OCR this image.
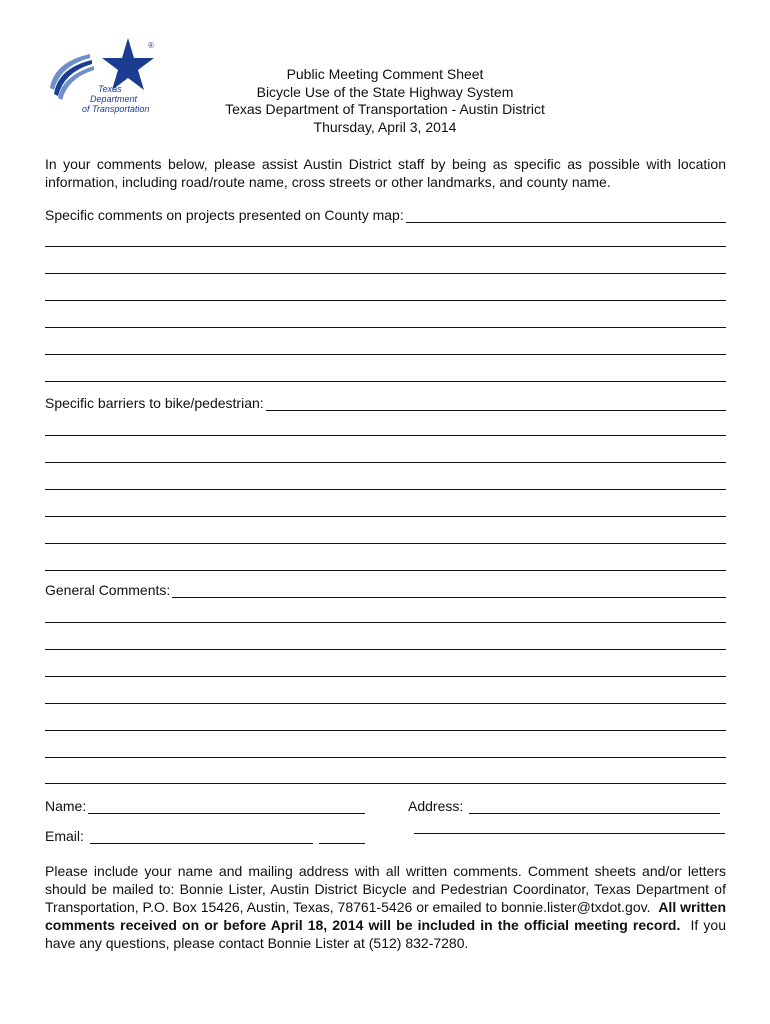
®
Texas
Department
of Transportation
Public Meeting Comment Sheet
Bicycle Use of the State Highway System
Texas Department of Transportation - Austin District
Thursday, April 3, 2014
In your comments below, please assist Austin District staff by being as specific as possible with location information, including road/route name, cross streets or other landmarks, and county name.
Specific comments on projects presented on County map:
Specific barriers to bike/pedestrian:
General Comments:
Name:	Address:
Email:
Please include your name and mailing address with all written comments. Comment sheets and/or letters should be mailed to: Bonnie Lister, Austin District Bicycle and Pedestrian Coordinator, Texas Department of Transportation, P.O. Box 15426, Austin, Texas, 78761-5426 or emailed to bonnie.lister@txdot.gov. All written comments received on or before April 18, 2014 will be included in the official meeting record. If you have any questions, please contact Bonnie Lister at (512) 832-7280.
